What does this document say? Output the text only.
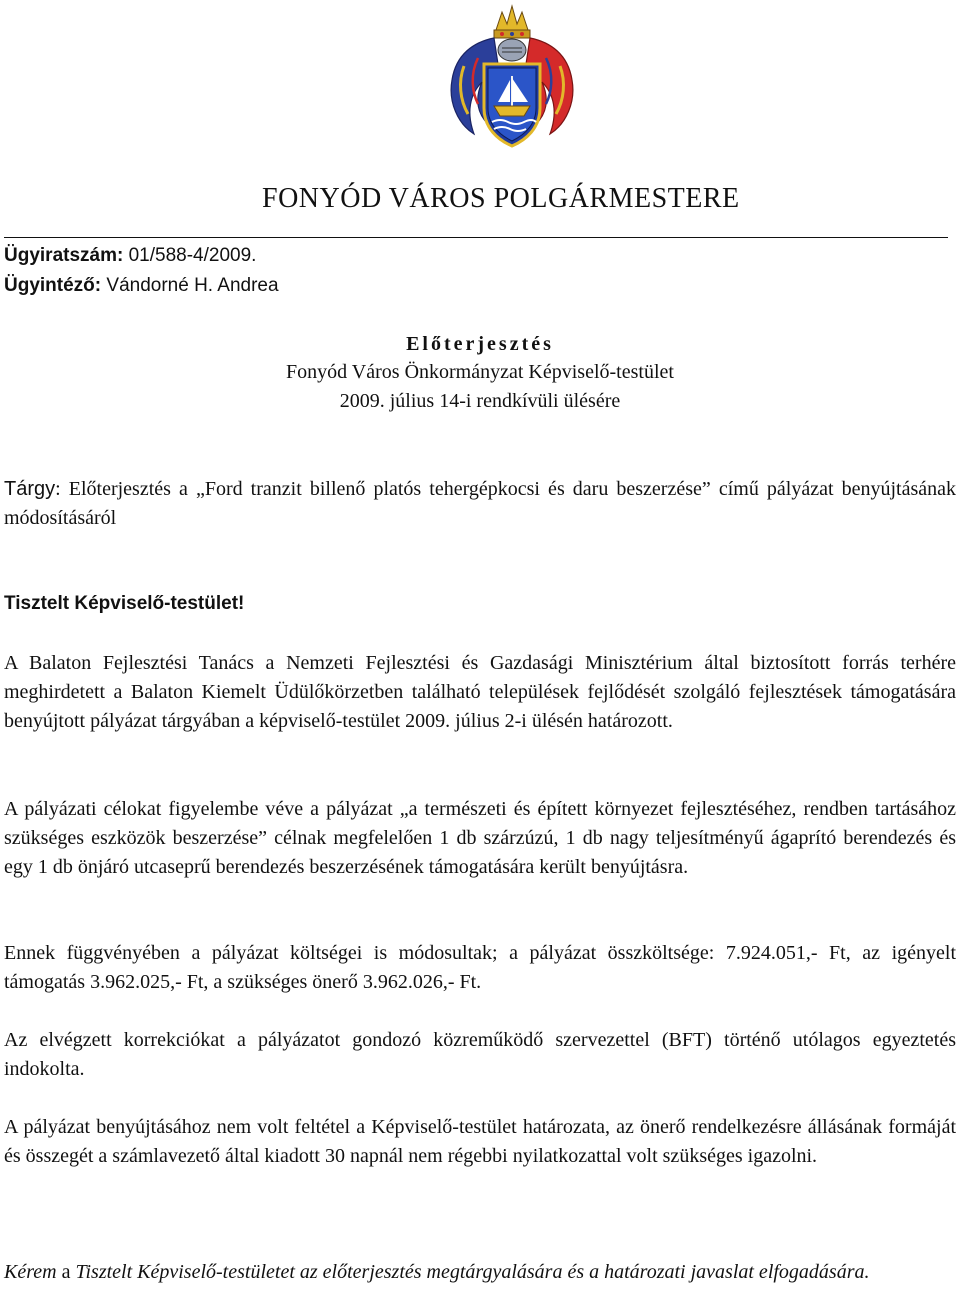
FONYÓD VÁROS POLGÁRMESTERE
Ügyiratszám: 01/588-4/2009.
Ügyintéző: Vándorné H. Andrea
Előterjesztés
Fonyód Város Önkormányzat Képviselő-testület
2009. július 14-i rendkívüli ülésére
Tárgy: Előterjesztés a „Ford tranzit billenő platós tehergépkocsi és daru beszerzése” című pályázat benyújtásának módosításáról
Tisztelt Képviselő-testület!
A Balaton Fejlesztési Tanács a Nemzeti Fejlesztési és Gazdasági Minisztérium által biztosított forrás terhére meghirdetett a Balaton Kiemelt Üdülőkörzetben található települések fejlődését szolgáló fejlesztések támogatására benyújtott pályázat tárgyában a képviselő-testület 2009. július 2-i ülésén határozott.
A pályázati célokat figyelembe véve a pályázat „a természeti és épített környezet fejlesztéséhez, rendben tartásához szükséges eszközök beszerzése” célnak megfelelően 1 db szárzúzú, 1 db nagy teljesítményű ágaprító berendezés és egy 1 db önjáró utcaseprű berendezés beszerzésének támogatására került benyújtásra.
Ennek függvényében a pályázat költségei is módosultak; a pályázat összköltsége: 7.924.051,- Ft, az igényelt támogatás 3.962.025,- Ft, a szükséges önerő 3.962.026,- Ft.
Az elvégzett korrekciókat a pályázatot gondozó közreműködő szervezettel (BFT) történő utólagos egyeztetés indokolta.
A pályázat benyújtásához nem volt feltétel a Képviselő-testület határozata, az önerő rendelkezésre állásának formáját és összegét a számlavezető által kiadott 30 napnál nem régebbi nyilatkozattal volt szükséges igazolni.
Kérem a Tisztelt Képviselő-testületet az előterjesztés megtárgyalására és a határozati javaslat elfogadására.
